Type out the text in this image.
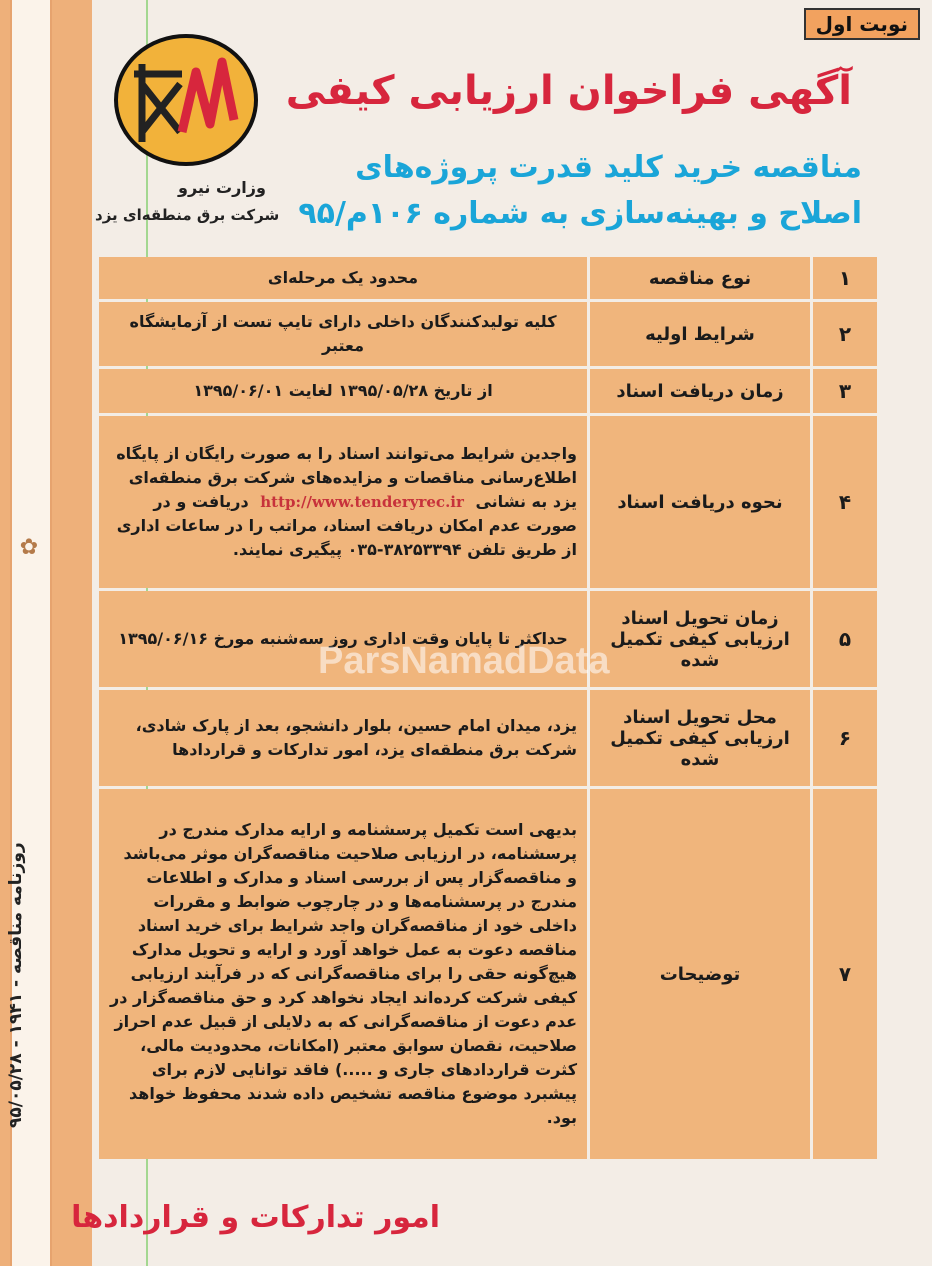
روزنامه مناقصه - ۱۹۴۱ - ۹۵/۰۵/۲۸
✿
نوبت اول
آگهی فراخوان ارزیابی کیفی
مناقصه خرید کلید قدرت پروژه‌های
اصلاح و بهینه‌سازی به شماره ۱۰۶م/۹۵
وزارت نیرو
شرکت برق منطقه‌ای یزد
۱	نوع مناقصه	محدود یک مرحله‌ای
۲	شرایط اولیه	کلیه تولیدکنندگان داخلی دارای تایپ تست از آزمایشگاه معتبر
۳	زمان دریافت اسناد	از تاریخ ۱۳۹۵/۰۵/۲۸ لغایت ۱۳۹۵/۰۶/۰۱
۴	نحوه دریافت اسناد	واجدین شرایط می‌توانند اسناد را به صورت رایگان از پایگاه اطلاع‌رسانی مناقصات و مزایده‌های شرکت برق منطقه‌ای یزد به نشانی http://www.tenderyrec.ir دریافت و در صورت عدم امکان دریافت اسناد، مراتب را در ساعات اداری از طریق تلفن ۳۸۲۵۳۳۹۴-۰۳۵ پیگیری نمایند.
۵	زمان تحویل اسناد ارزیابی کیفی تکمیل شده	حداکثر تا پایان وقت اداری روز سه‌شنبه مورخ ۱۳۹۵/۰۶/۱۶
۶	محل تحویل اسناد ارزیابی کیفی تکمیل شده	یزد، میدان امام حسین، بلوار دانشجو، بعد از پارک شادی، شرکت برق منطقه‌ای یزد، امور تدارکات و قراردادها
۷	توضیحات	بدیهی است تکمیل پرسشنامه و ارایه مدارک مندرج در پرسشنامه، در ارزیابی صلاحیت مناقصه‌گران موثر می‌باشد و مناقصه‌گزار پس از بررسی اسناد و مدارک و اطلاعات مندرج در پرسشنامه‌ها و در چارچوب ضوابط و مقررات داخلی خود از مناقصه‌گران واجد شرایط برای خرید اسناد مناقصه دعوت به عمل خواهد آورد و ارایه و تحویل مدارک هیچ‌گونه حقی را برای مناقصه‌گرانی که در فرآیند ارزیابی کیفی شرکت کرده‌اند ایجاد نخواهد کرد و حق مناقصه‌گزار در عدم دعوت از مناقصه‌گرانی که به دلایلی از قبیل عدم احراز صلاحیت، نقصان سوابق معتبر (امکانات، محدودیت مالی، کثرت قراردادهای جاری و .....) فاقد توانایی لازم برای پیشبرد موضوع مناقصه تشخیص داده شدند محفوظ خواهد بود.
ParsNamadData
امور تدارکات و قراردادها
